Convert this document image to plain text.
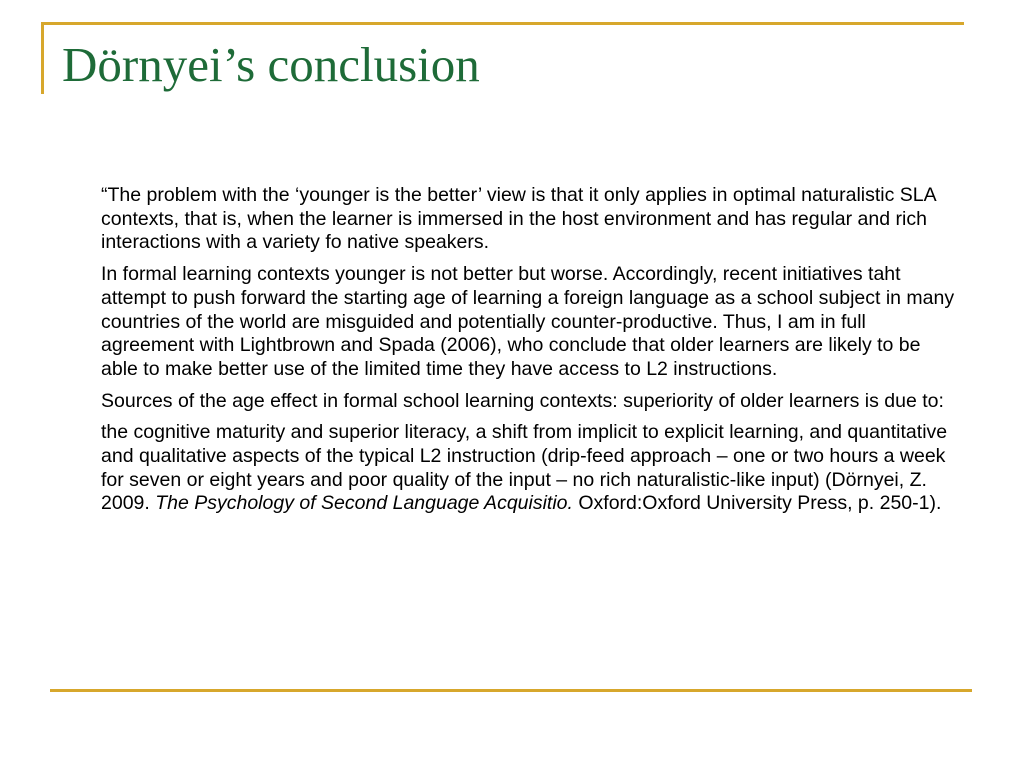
Dörnyei’s conclusion

“The problem with the ‘younger is the better’ view is that it only applies in optimal naturalistic SLA contexts, that is, when the learner is immersed in the host environment and has regular and rich interactions with a variety fo native speakers.

In formal learning contexts younger is not better but worse. Accordingly, recent initiatives taht attempt to push forward the starting age of learning a foreign language as a school subject in many countries of the world are misguided and potentially counter-productive. Thus, I am in full agreement with Lightbrown and Spada (2006), who conclude that older learners are likely to be able to make better use of the limited time they have access to L2 instructions.

Sources of the age effect in formal school learning contexts: superiority of older learners is due to:

the cognitive maturity and superior literacy, a shift from implicit to explicit learning, and quantitative and qualitative aspects of the typical L2 instruction (drip-feed approach – one or two hours a week for seven or eight years and poor quality of the input – no rich naturalistic-like input) (Dörnyei, Z. 2009. The Psychology of Second Language Acquisitio. Oxford:Oxford University Press, p. 250-1).
